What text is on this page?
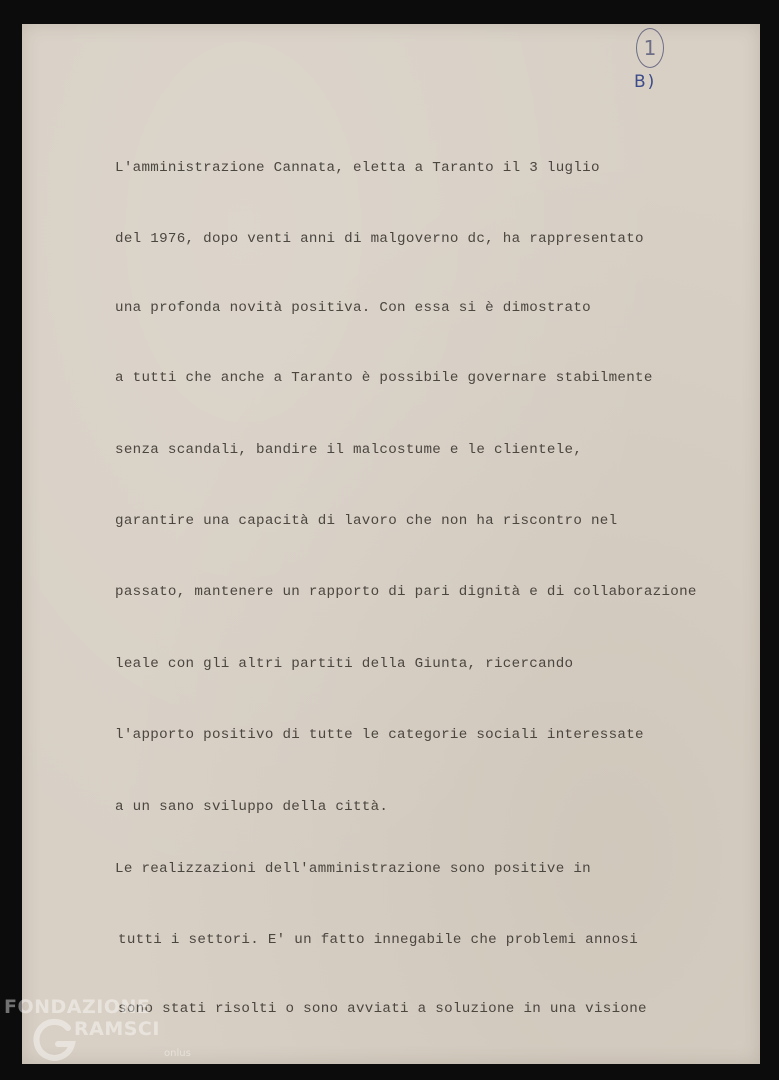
1
B)
L'amministrazione Cannata, eletta a Taranto il 3 luglio
del 1976, dopo venti anni di malgoverno dc, ha rappresentato
una profonda novità positiva. Con essa si è dimostrato
a tutti che anche a Taranto è possibile governare stabilmente
senza scandali, bandire il malcostume e le clientele,
garantire una capacità di lavoro che non ha riscontro nel
passato, mantenere un rapporto di pari dignità e di collaborazione
leale con gli altri partiti della Giunta, ricercando
l'apporto positivo di tutte le categorie sociali interessate
a un sano sviluppo della città.
Le realizzazioni dell'amministrazione sono positive in
tutti i settori. E' un fatto innegabile che problemi annosi
sono stati risolti o sono avviati a soluzione in una visione
FONDAZIONE
RAMSCI
onlus
